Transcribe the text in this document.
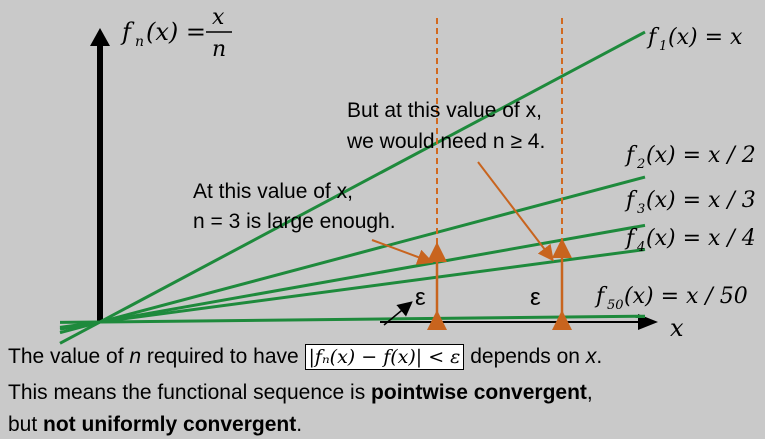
ε	ε
f n (x) =
x
n	f 1 (x) = x
f 2 (x) = x / 2
f 3 (x) = x / 3
f 4 (x) = x / 4
f 50 (x) = x / 50
x
But at this value of x,
we would need n ≥ 4.
At this value of x,
n = 3 is large enough.
The value of n required to have |fₙ(x) − f(x)| < ε depends on x.
This means the functional sequence is pointwise convergent,
but not uniformly convergent.
